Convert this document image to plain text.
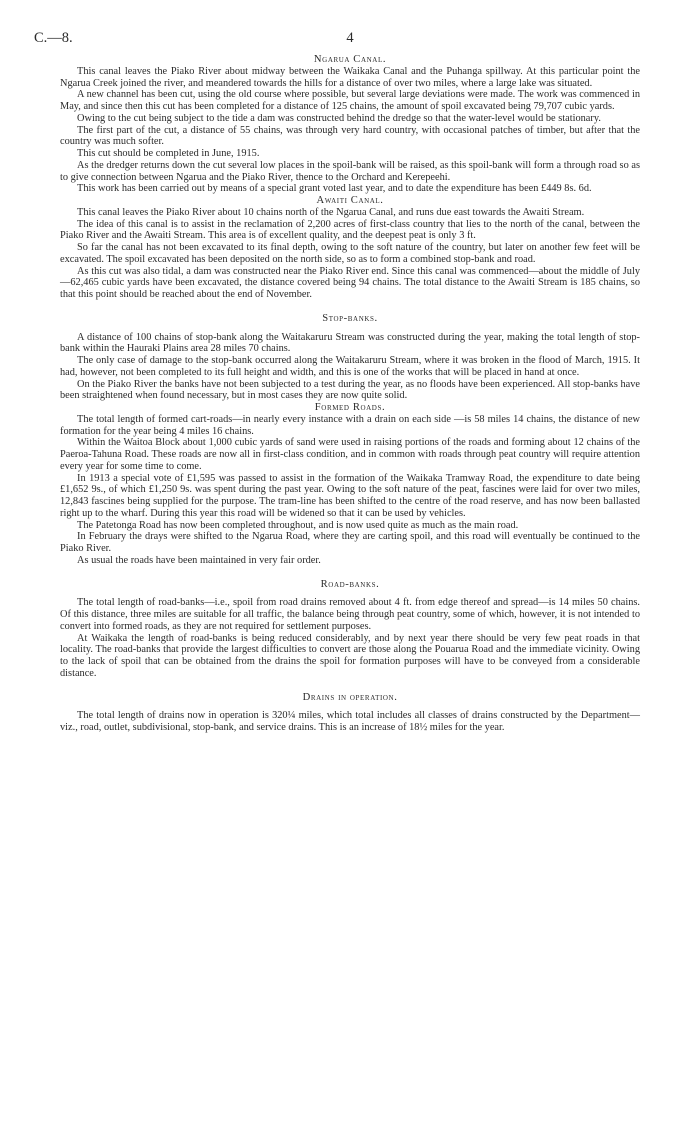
C.—8.	4
Ngarua Canal.

This canal leaves the Piako River about midway between the Waikaka Canal and the Puhanga spillway. At this particular point the Ngarua Creek joined the river, and meandered towards the hills for a distance of over two miles, where a large lake was situated.

A new channel has been cut, using the old course where possible, but several large deviations were made. The work was commenced in May, and since then this cut has been completed for a distance of 125 chains, the amount of spoil excavated being 79,707 cubic yards.

Owing to the cut being subject to the tide a dam was constructed behind the dredge so that the water-level would be stationary.

The first part of the cut, a distance of 55 chains, was through very hard country, with occasional patches of timber, but after that the country was much softer.

This cut should be completed in June, 1915.

As the dredger returns down the cut several low places in the spoil-bank will be raised, as this spoil-bank will form a through road so as to give connection between Ngarua and the Piako River, thence to the Orchard and Kerepeehi.

This work has been carried out by means of a special grant voted last year, and to date the expenditure has been £449 8s. 6d.

Awaiti Canal.

This canal leaves the Piako River about 10 chains north of the Ngarua Canal, and runs due east towards the Awaiti Stream.

The idea of this canal is to assist in the reclamation of 2,200 acres of first-class country that lies to the north of the canal, between the Piako River and the Awaiti Stream. This area is of excellent quality, and the deepest peat is only 3 ft.

So far the canal has not been excavated to its final depth, owing to the soft nature of the country, but later on another few feet will be excavated. The spoil excavated has been deposited on the north side, so as to form a combined stop-bank and road.

As this cut was also tidal, a dam was constructed near the Piako River end. Since this canal was commenced—about the middle of July—62,465 cubic yards have been excavated, the distance covered being 94 chains. The total distance to the Awaiti Stream is 185 chains, so that this point should be reached about the end of November.

Stop-banks.

A distance of 100 chains of stop-bank along the Waitakaruru Stream was constructed during the year, making the total length of stop-bank within the Hauraki Plains area 28 miles 70 chains.

The only case of damage to the stop-bank occurred along the Waitakaruru Stream, where it was broken in the flood of March, 1915. It had, however, not been completed to its full height and width, and this is one of the works that will be placed in hand at once.

On the Piako River the banks have not been subjected to a test during the year, as no floods have been experienced. All stop-banks have been straightened when found necessary, but in most cases they are now quite solid.

Formed Roads.

The total length of formed cart-roads—in nearly every instance with a drain on each side —is 58 miles 14 chains, the distance of new formation for the year being 4 miles 16 chains.

Within the Waitoa Block about 1,000 cubic yards of sand were used in raising portions of the roads and forming about 12 chains of the Paeroa-Tahuna Road. These roads are now all in first-class condition, and in common with roads through peat country will require attention every year for some time to come.

In 1913 a special vote of £1,595 was passed to assist in the formation of the Waikaka Tramway Road, the expenditure to date being £1,652 9s., of which £1,250 9s. was spent during the past year. Owing to the soft nature of the peat, fascines were laid for over two miles, 12,843 fascines being supplied for the purpose. The tram-line has been shifted to the centre of the road reserve, and has now been ballasted right up to the wharf. During this year this road will be widened so that it can be used by vehicles.

The Patetonga Road has now been completed throughout, and is now used quite as much as the main road.

In February the drays were shifted to the Ngarua Road, where they are carting spoil, and this road will eventually be continued to the Piako River.

As usual the roads have been maintained in very fair order.

Road-banks.

The total length of road-banks—i.e., spoil from road drains removed about 4 ft. from edge thereof and spread—is 14 miles 50 chains. Of this distance, three miles are suitable for all traffic, the balance being through peat country, some of which, however, it is not intended to convert into formed roads, as they are not required for settlement purposes.

At Waikaka the length of road-banks is being reduced considerably, and by next year there should be very few peat roads in that locality. The road-banks that provide the largest difficulties to convert are those along the Pouarua Road and the immediate vicinity. Owing to the lack of spoil that can be obtained from the drains the spoil for formation purposes will have to be conveyed from a considerable distance.

Drains in operation.

The total length of drains now in operation is 320¼ miles, which total includes all classes of drains constructed by the Department—viz., road, outlet, subdivisional, stop-bank, and service drains. This is an increase of 18½ miles for the year.
